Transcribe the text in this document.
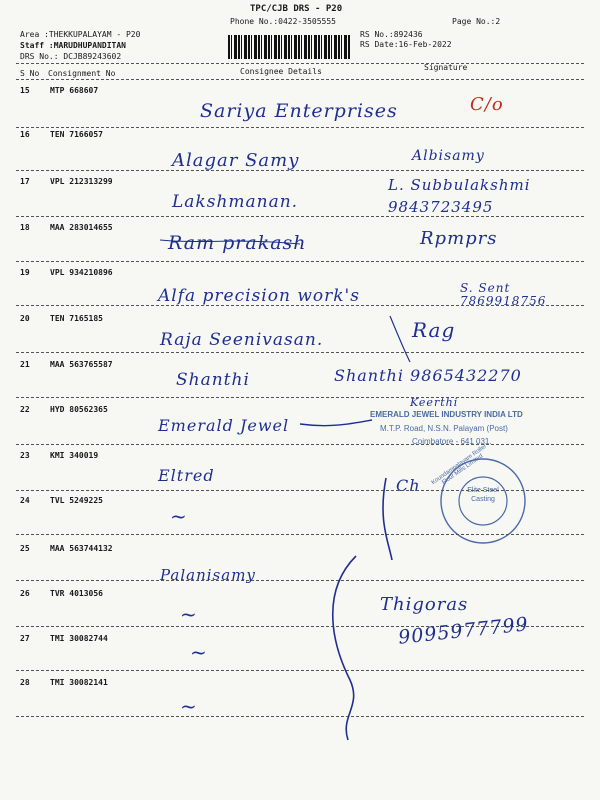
TPC/CJB DRS - P20
Phone No.:0422-3505555	Page No.:2
Area :THEKKUPALAYAM - P20
Staff :MARUDHUPANDITAN
DRS No.: DCJB89243602
RS No.:892436
RS Date:16-Feb-2022
S No Consignment No	Consignee Details	Signature
15	MTP 668607
Sariya Enterprises	C/o
16	TEN 7166057
Alagar Samy	Albisamy
17	VPL 212313299
Lakshmanan.
L. Subbulakshmi 9843723495
18	MAA 283014655
Ram prakash	Rpmprs
19	VPL 934210896
Alfa precision work's	S. Sent 7869918756
20	TEN 7165185
Raja Seenivasan.	Rag
21	MAA 563765587
Shanthi	Shanthi 9865432270
22	HYD 80562365
Emerald Jewel
Keerthi
EMERALD JEWEL INDUSTRY INDIA LTD
M.T.P. Road, N.S.N. Palayam (Post)
Coimbatore - 641 031.
23	KMI 340019
Eltred
Ch	Koundampalayam Roller Flour Mills Limited
Elite Steel Casting
24	TVL 5249225
~
25	MAA 563744132
Palanisamy
26	TVR 4013056
~	Thigoras
27	TMI 30082744
~
9095977799
28	TMI 30082141
~
